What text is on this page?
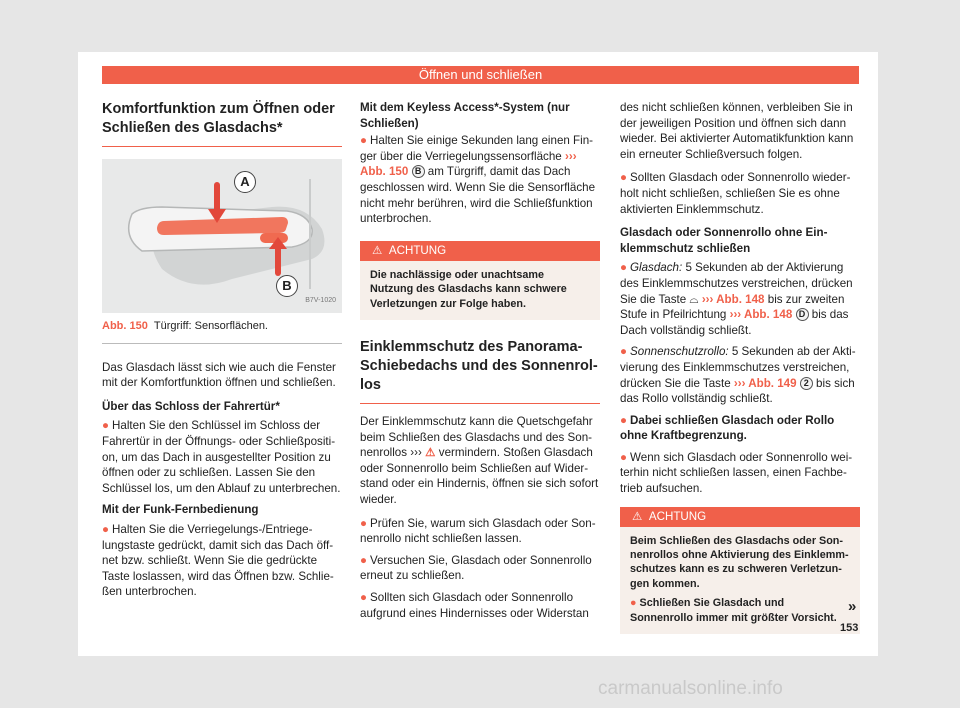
Öffnen und schließen
Komfortfunktion zum Öffnen oder Schließen des Glasdachs*
A
B
B7V-1020
Abb. 150 Türgriff: Sensorflächen.

Das Glasdach lässt sich wie auch die Fenster mit der Komfortfunktion öffnen und schließen.

Über das Schloss der Fahrertür*

● Halten Sie den Schlüssel im Schloss der Fahrertür in der Öffnungs- oder Schließposition, um das Dach in ausgestellter Position zu öffnen oder zu schließen. Lassen Sie den Schlüssel los, um den Ablauf zu unterbrechen.

Mit der Funk-Fernbedienung

● Halten Sie die Verriegelungs-/Entriegelungstaste gedrückt, damit sich das Dach öffnet bzw. schließt. Wenn Sie die gedrückte Taste loslassen, wird das Öffnen bzw. Schließen unterbrochen.

Mit dem Keyless Access*-System (nur Schließen)

● Halten Sie einige Sekunden lang einen Finger über die Verriegelungssensorfläche ››› Abb. 150 B am Türgriff, damit das Dach geschlossen wird. Wenn Sie die Sensorfläche nicht mehr berühren, wird die Schließfunktion unterbrochen.

⚠ ACHTUNG
Die nachlässige oder unachtsame Nutzung des Glasdachs kann schwere Verletzungen zur Folge haben.
Einklemmschutz des Panorama-Schiebedachs und des Sonnenrollos

Der Einklemmschutz kann die Quetschgefahr beim Schließen des Glasdachs und des Sonnenrollos ››› ⚠ vermindern. Stoßen Glasdach oder Sonnenrollo beim Schließen auf Widerstand oder ein Hindernis, öffnen sie sich sofort wieder.

● Prüfen Sie, warum sich Glasdach oder Sonnenrollo nicht schließen lassen.

● Versuchen Sie, Glasdach oder Sonnenrollo erneut zu schließen.

● Sollten sich Glasdach oder Sonnenrollo aufgrund eines Hindernisses oder Widerstan

des nicht schließen können, verbleiben Sie in der jeweiligen Position und öffnen sich dann wieder. Bei aktivierter Automatikfunktion kann ein erneuter Schließversuch folgen.

● Sollten Glasdach oder Sonnenrollo wiederholt nicht schließen, schließen Sie es ohne aktivierten Einklemmschutz.

Glasdach oder Sonnenrollo ohne Einklemmschutz schließen

● Glasdach: 5 Sekunden ab der Aktivierung des Einklemmschutzes verstreichen, drücken Sie die Taste ⌓ ››› Abb. 148 bis zur zweiten Stufe in Pfeilrichtung ››› Abb. 148 D bis das Dach vollständig schließt.

● Sonnenschutzrollo: 5 Sekunden ab der Aktivierung des Einklemmschutzes verstreichen, drücken Sie die Taste ››› Abb. 149 2 bis sich das Rollo vollständig schließt.

● Dabei schließen Glasdach oder Rollo ohne Kraftbegrenzung.

● Wenn sich Glasdach oder Sonnenrollo weiterhin nicht schließen lassen, einen Fachbetrieb aufsuchen.

⚠ ACHTUNG

Beim Schließen des Glasdachs oder Sonnenrollos ohne Aktivierung des Einklemmschutzes kann es zu schweren Verletzungen kommen.

● Schließen Sie Glasdach und Sonnenrollo immer mit größter Vorsicht.

»
153
carmanualsonline.info
